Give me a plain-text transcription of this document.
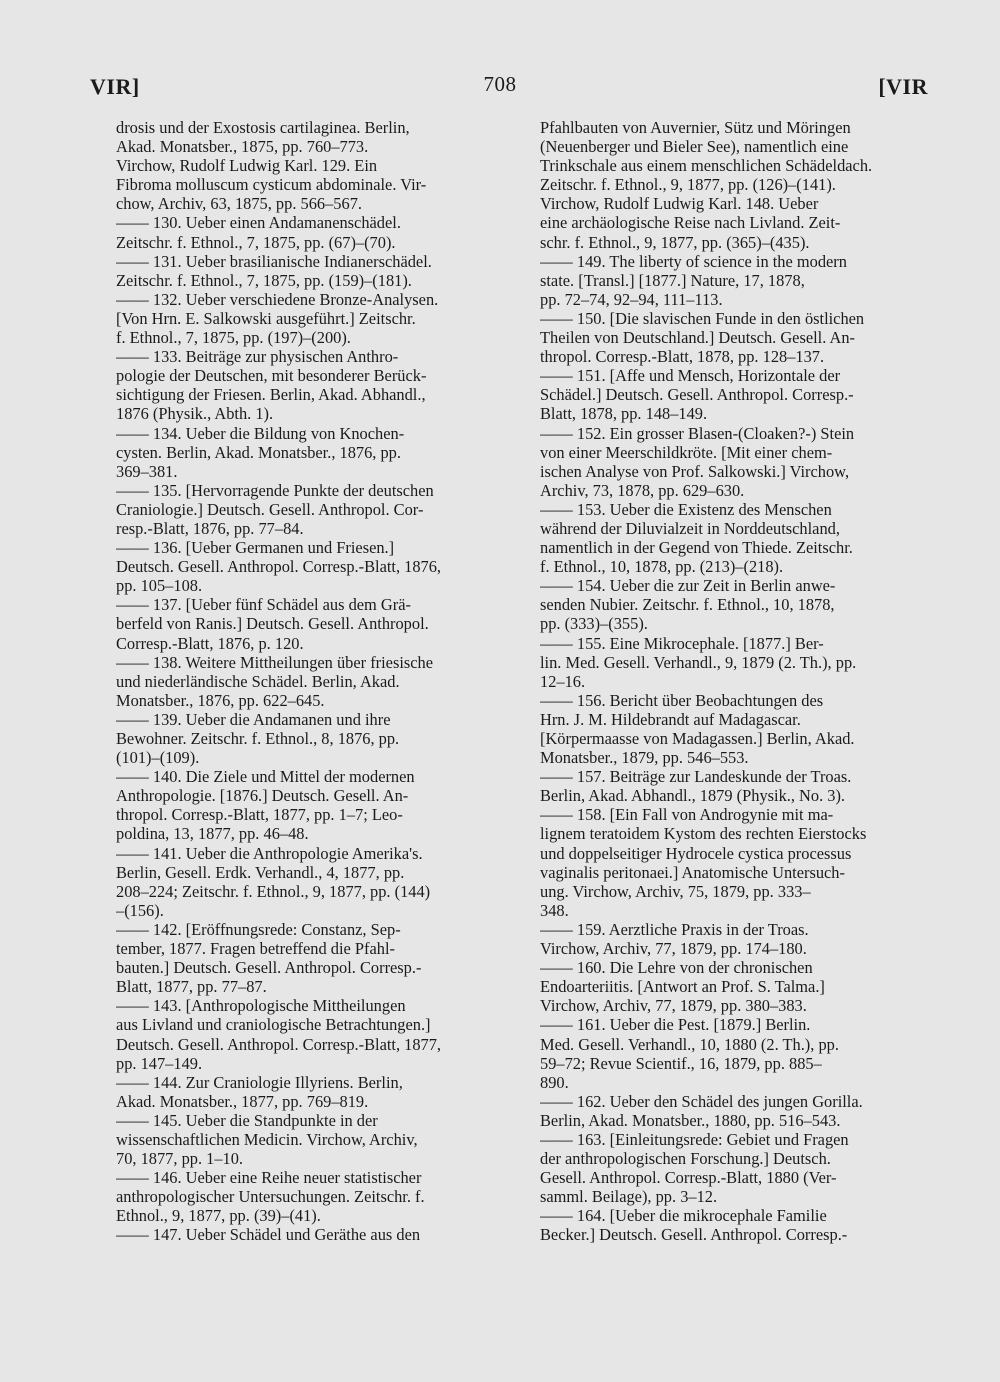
VIR]	708	[VIR
drosis und der Exostosis cartilaginea. Berlin,
Akad. Monatsber., 1875, pp. 760–773.
Virchow, Rudolf Ludwig Karl. 129. Ein
Fibroma molluscum cysticum abdominale. Vir-
chow, Archiv, 63, 1875, pp. 566–567.
—— 130. Ueber einen Andamanenschädel.
Zeitschr. f. Ethnol., 7, 1875, pp. (67)–(70).
—— 131. Ueber brasilianische Indianerschädel.
Zeitschr. f. Ethnol., 7, 1875, pp. (159)–(181).
—— 132. Ueber verschiedene Bronze-Analysen.
[Von Hrn. E. Salkowski ausgeführt.] Zeitschr.
f. Ethnol., 7, 1875, pp. (197)–(200).
—— 133. Beiträge zur physischen Anthro-
pologie der Deutschen, mit besonderer Berück-
sichtigung der Friesen. Berlin, Akad. Abhandl.,
1876 (Physik., Abth. 1).
—— 134. Ueber die Bildung von Knochen-
cysten. Berlin, Akad. Monatsber., 1876, pp.
369–381.
—— 135. [Hervorragende Punkte der deutschen
Craniologie.] Deutsch. Gesell. Anthropol. Cor-
resp.-Blatt, 1876, pp. 77–84.
—— 136. [Ueber Germanen und Friesen.]
Deutsch. Gesell. Anthropol. Corresp.-Blatt, 1876,
pp. 105–108.
—— 137. [Ueber fünf Schädel aus dem Grä-
berfeld von Ranis.] Deutsch. Gesell. Anthropol.
Corresp.-Blatt, 1876, p. 120.
—— 138. Weitere Mittheilungen über friesische
und niederländische Schädel. Berlin, Akad.
Monatsber., 1876, pp. 622–645.
—— 139. Ueber die Andamanen und ihre
Bewohner. Zeitschr. f. Ethnol., 8, 1876, pp.
(101)–(109).
—— 140. Die Ziele und Mittel der modernen
Anthropologie. [1876.] Deutsch. Gesell. An-
thropol. Corresp.-Blatt, 1877, pp. 1–7; Leo-
poldina, 13, 1877, pp. 46–48.
—— 141. Ueber die Anthropologie Amerika's.
Berlin, Gesell. Erdk. Verhandl., 4, 1877, pp.
208–224; Zeitschr. f. Ethnol., 9, 1877, pp. (144)
–(156).
—— 142. [Eröffnungsrede: Constanz, Sep-
tember, 1877. Fragen betreffend die Pfahl-
bauten.] Deutsch. Gesell. Anthropol. Corresp.-
Blatt, 1877, pp. 77–87.
—— 143. [Anthropologische Mittheilungen
aus Livland und craniologische Betrachtungen.]
Deutsch. Gesell. Anthropol. Corresp.-Blatt, 1877,
pp. 147–149.
—— 144. Zur Craniologie Illyriens. Berlin,
Akad. Monatsber., 1877, pp. 769–819.
—— 145. Ueber die Standpunkte in der
wissenschaftlichen Medicin. Virchow, Archiv,
70, 1877, pp. 1–10.
—— 146. Ueber eine Reihe neuer statistischer
anthropologischer Untersuchungen. Zeitschr. f.
Ethnol., 9, 1877, pp. (39)–(41).
—— 147. Ueber Schädel und Geräthe aus den
Pfahlbauten von Auvernier, Sütz und Möringen
(Neuenberger und Bieler See), namentlich eine
Trinkschale aus einem menschlichen Schädeldach.
Zeitschr. f. Ethnol., 9, 1877, pp. (126)–(141).
Virchow, Rudolf Ludwig Karl. 148. Ueber
eine archäologische Reise nach Livland. Zeit-
schr. f. Ethnol., 9, 1877, pp. (365)–(435).
—— 149. The liberty of science in the modern
state. [Transl.] [1877.] Nature, 17, 1878,
pp. 72–74, 92–94, 111–113.
—— 150. [Die slavischen Funde in den östlichen
Theilen von Deutschland.] Deutsch. Gesell. An-
thropol. Corresp.-Blatt, 1878, pp. 128–137.
—— 151. [Affe und Mensch, Horizontale der
Schädel.] Deutsch. Gesell. Anthropol. Corresp.-
Blatt, 1878, pp. 148–149.
—— 152. Ein grosser Blasen-(Cloaken?-) Stein
von einer Meerschildkröte. [Mit einer chem-
ischen Analyse von Prof. Salkowski.] Virchow,
Archiv, 73, 1878, pp. 629–630.
—— 153. Ueber die Existenz des Menschen
während der Diluvialzeit in Norddeutschland,
namentlich in der Gegend von Thiede. Zeitschr.
f. Ethnol., 10, 1878, pp. (213)–(218).
—— 154. Ueber die zur Zeit in Berlin anwe-
senden Nubier. Zeitschr. f. Ethnol., 10, 1878,
pp. (333)–(355).
—— 155. Eine Mikrocephale. [1877.] Ber-
lin. Med. Gesell. Verhandl., 9, 1879 (2. Th.), pp.
12–16.
—— 156. Bericht über Beobachtungen des
Hrn. J. M. Hildebrandt auf Madagascar.
[Körpermaasse von Madagassen.] Berlin, Akad.
Monatsber., 1879, pp. 546–553.
—— 157. Beiträge zur Landeskunde der Troas.
Berlin, Akad. Abhandl., 1879 (Physik., No. 3).
—— 158. [Ein Fall von Androgynie mit ma-
lignem teratoidem Kystom des rechten Eierstocks
und doppelseitiger Hydrocele cystica processus
vaginalis peritonaei.] Anatomische Untersuch-
ung. Virchow, Archiv, 75, 1879, pp. 333–
348.
—— 159. Aerztliche Praxis in der Troas.
Virchow, Archiv, 77, 1879, pp. 174–180.
—— 160. Die Lehre von der chronischen
Endoarteriitis. [Antwort an Prof. S. Talma.]
Virchow, Archiv, 77, 1879, pp. 380–383.
—— 161. Ueber die Pest. [1879.] Berlin.
Med. Gesell. Verhandl., 10, 1880 (2. Th.), pp.
59–72; Revue Scientif., 16, 1879, pp. 885–
890.
—— 162. Ueber den Schädel des jungen Gorilla.
Berlin, Akad. Monatsber., 1880, pp. 516–543.
—— 163. [Einleitungsrede: Gebiet und Fragen
der anthropologischen Forschung.] Deutsch.
Gesell. Anthropol. Corresp.-Blatt, 1880 (Ver-
samml. Beilage), pp. 3–12.
—— 164. [Ueber die mikrocephale Familie
Becker.] Deutsch. Gesell. Anthropol. Corresp.-
